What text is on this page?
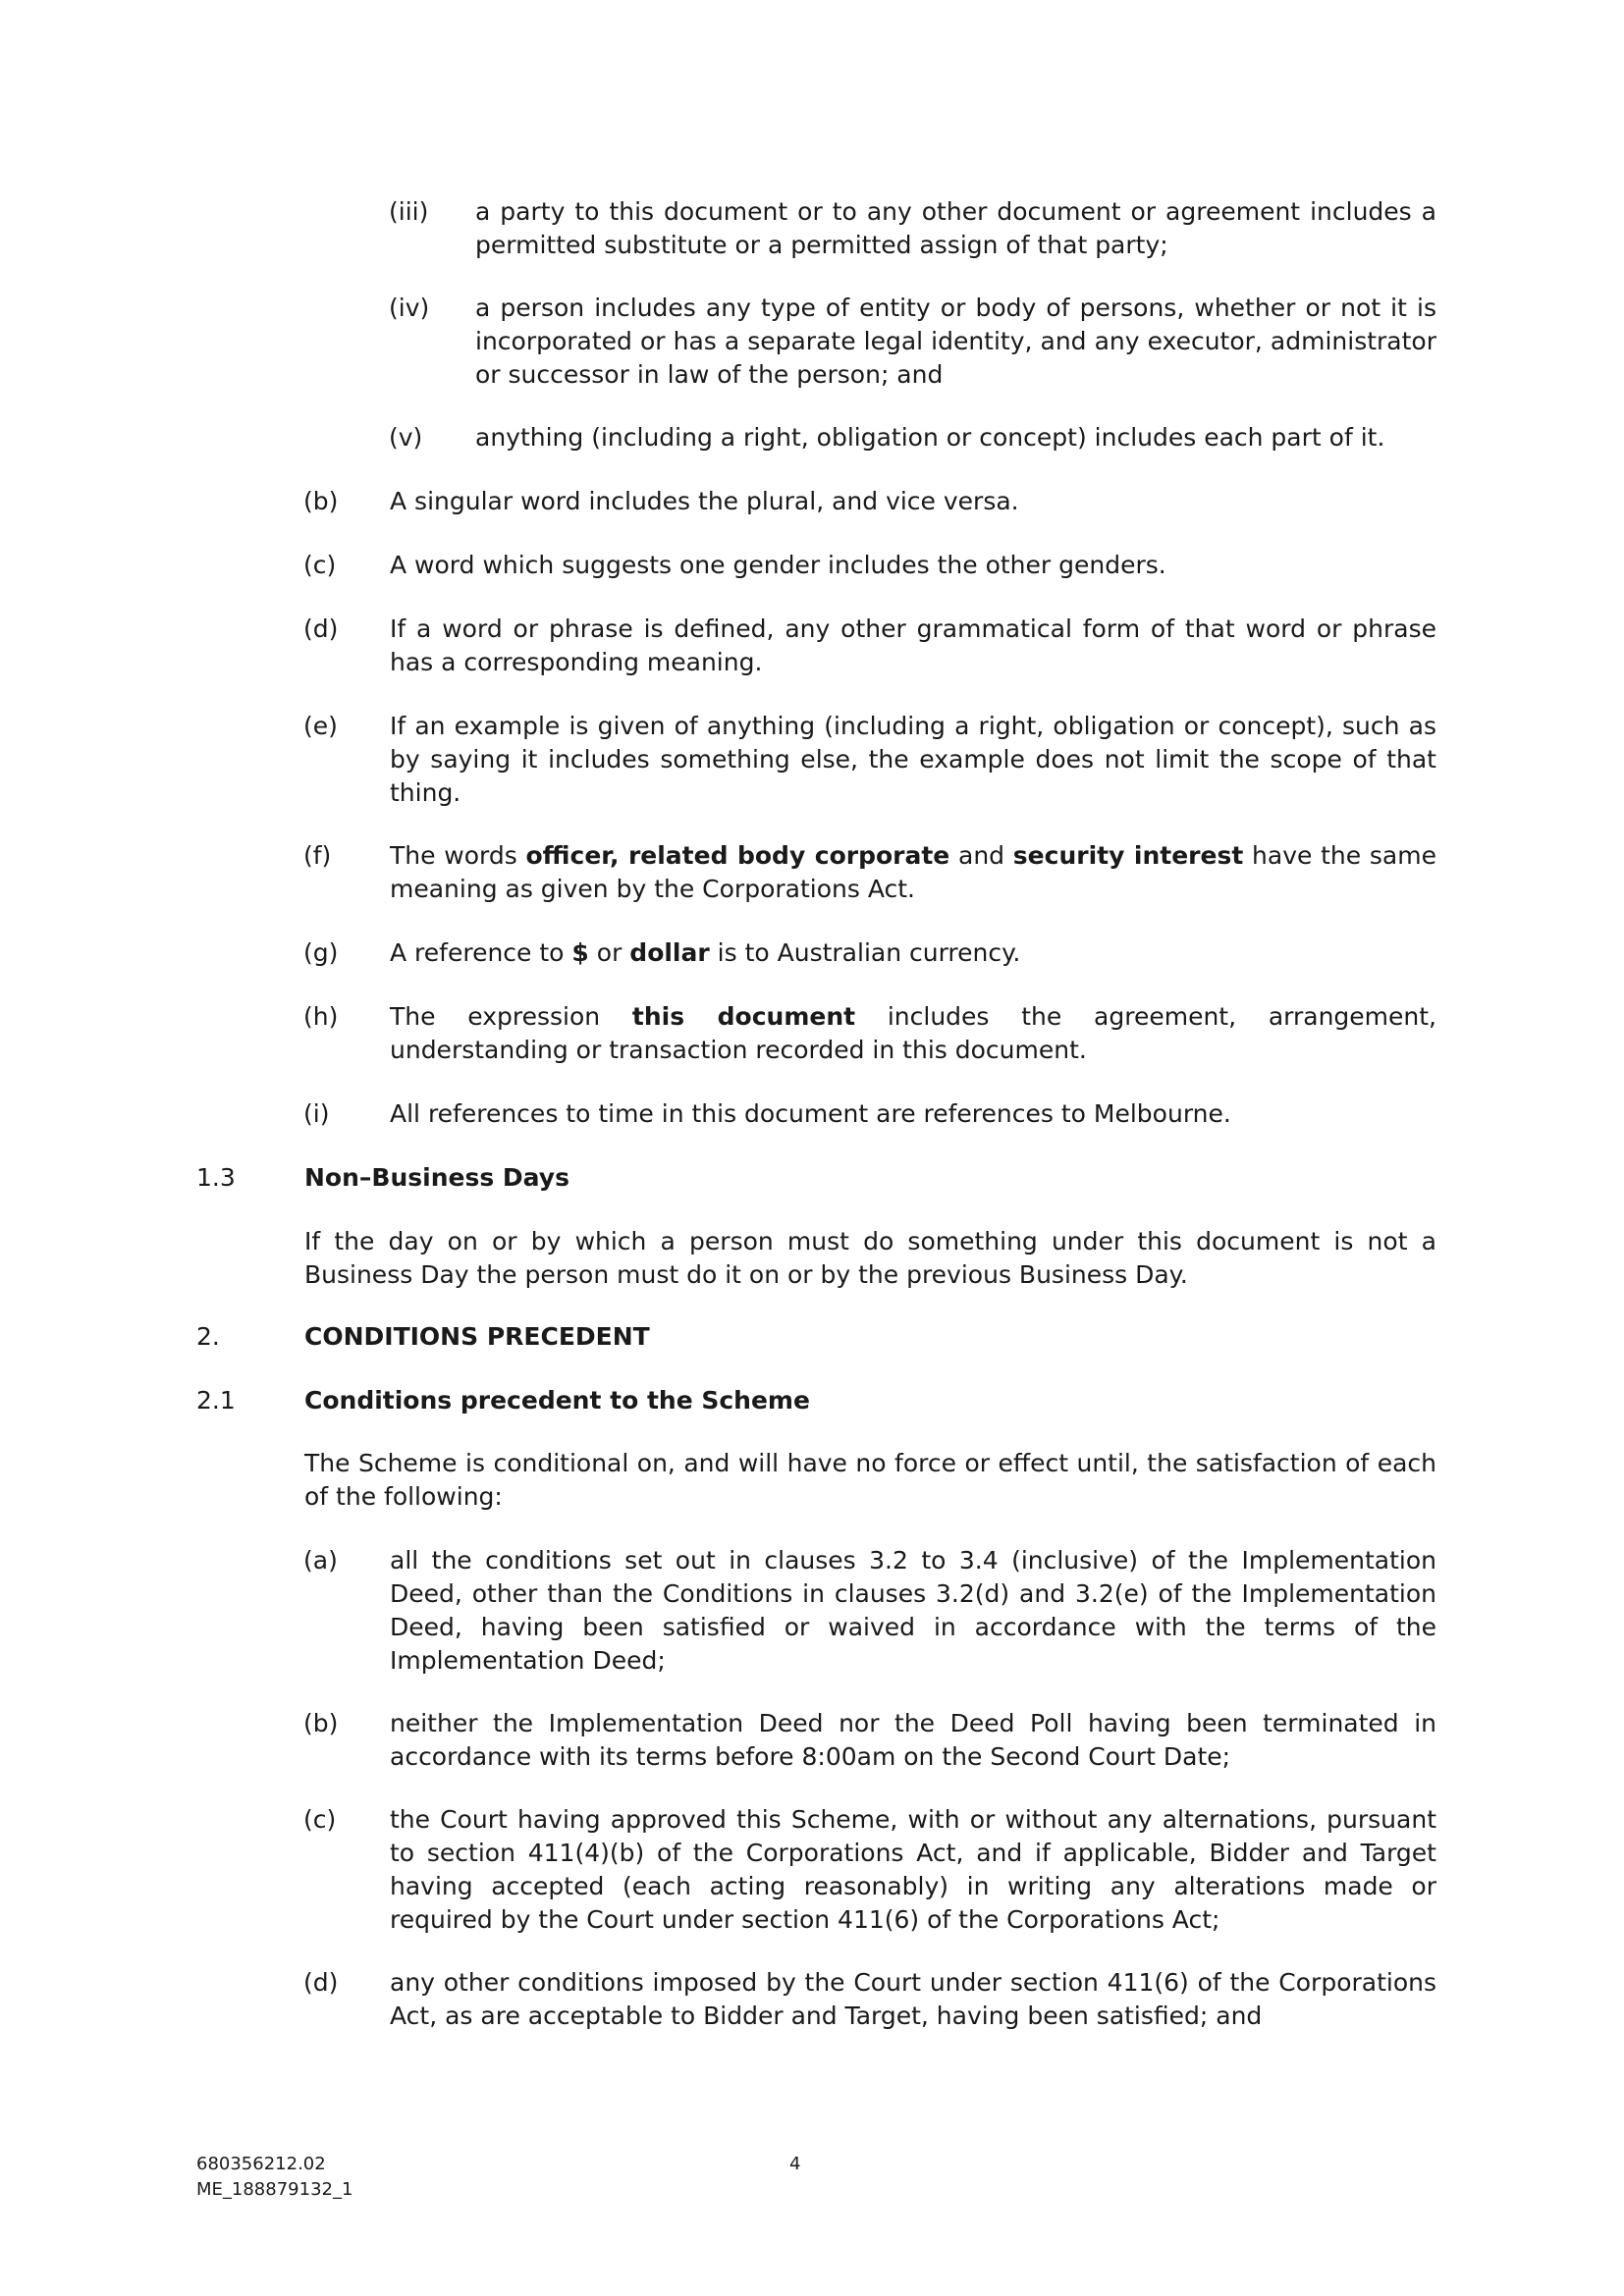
(iii) a party to this document or to any other document or agreement includes a permitted substitute or a permitted assign of that party;
(iv) a person includes any type of entity or body of persons, whether or not it is incorporated or has a separate legal identity, and any executor, administrator or successor in law of the person; and
(v) anything (including a right, obligation or concept) includes each part of it.
(b) A singular word includes the plural, and vice versa.
(c) A word which suggests one gender includes the other genders.
(d) If a word or phrase is defined, any other grammatical form of that word or phrase has a corresponding meaning.
(e) If an example is given of anything (including a right, obligation or concept), such as by saying it includes something else, the example does not limit the scope of that thing.
(f) The words officer, related body corporate and security interest have the same meaning as given by the Corporations Act.
(g) A reference to $ or dollar is to Australian currency.
(h) The expression this document includes the agreement, arrangement, understanding or transaction recorded in this document.
(i) All references to time in this document are references to Melbourne.
1.3	Non–Business Days
If the day on or by which a person must do something under this document is not a Business Day the person must do it on or by the previous Business Day.
2.	CONDITIONS PRECEDENT
2.1	Conditions precedent to the Scheme
The Scheme is conditional on, and will have no force or effect until, the satisfaction of each of the following:
(a) all the conditions set out in clauses 3.2 to 3.4 (inclusive) of the Implementation Deed, other than the Conditions in clauses 3.2(d) and 3.2(e) of the Implementation Deed, having been satisfied or waived in accordance with the terms of the Implementation Deed;
(b) neither the Implementation Deed nor the Deed Poll having been terminated in accordance with its terms before 8:00am on the Second Court Date;
(c) the Court having approved this Scheme, with or without any alternations, pursuant to section 411(4)(b) of the Corporations Act, and if applicable, Bidder and Target having accepted (each acting reasonably) in writing any alterations made or required by the Court under section 411(6) of the Corporations Act;
(d) any other conditions imposed by the Court under section 411(6) of the Corporations Act, as are acceptable to Bidder and Target, having been satisfied; and
680356212.02
ME_188879132_1
4
